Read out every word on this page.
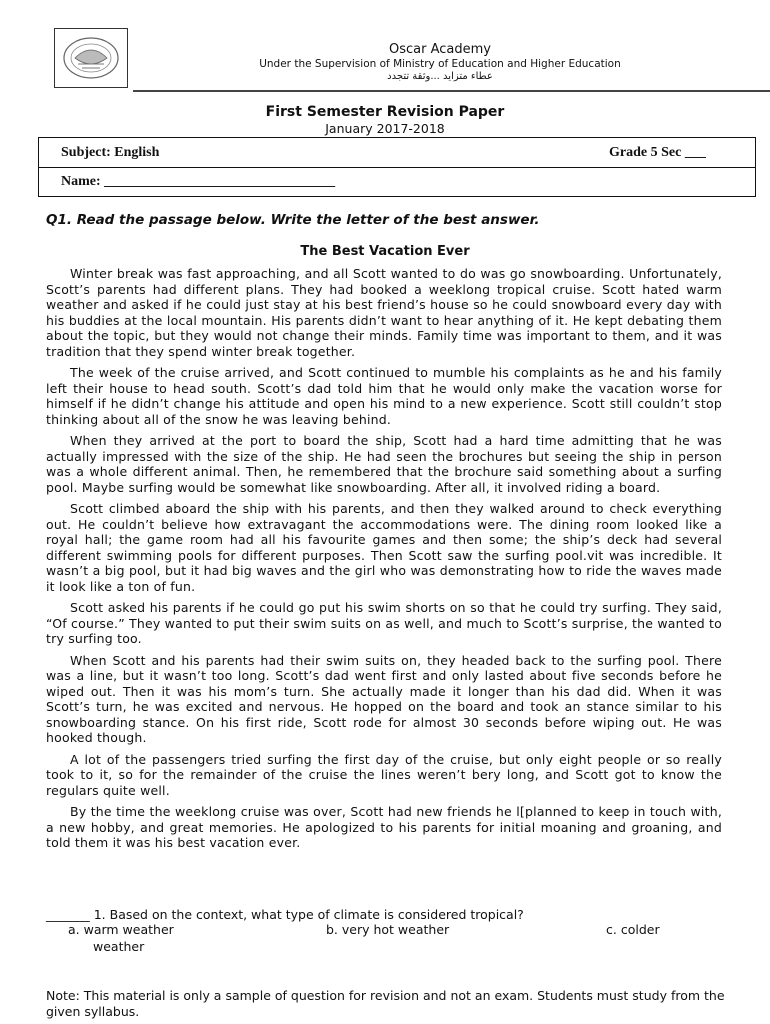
Oscar Academy
Under the Supervision of Ministry of Education and Higher Education
عطاء متزايد ...وثقة تتجدد
First Semester Revision Paper
January 2017-2018
Subject: English	Grade 5 Sec ___
Name: _________________________________
Q1. Read the passage below. Write the letter of the best answer.
The Best Vacation Ever

Winter break was fast approaching, and all Scott wanted to do was go snowboarding. Unfortunately, Scott’s parents had different plans. They had booked a weeklong tropical cruise. Scott hated warm weather and asked if he could just stay at his best friend’s house so he could snowboard every day with his buddies at the local mountain. His parents didn’t want to hear anything of it. He kept debating them about the topic, but they would not change their minds. Family time was important to them, and it was tradition that they spend winter break together.

The week of the cruise arrived, and Scott continued to mumble his complaints as he and his family left their house to head south. Scott’s dad told him that he would only make the vacation worse for himself if he didn’t change his attitude and open his mind to a new experience. Scott still couldn’t stop thinking about all of the snow he was leaving behind.

When they arrived at the port to board the ship, Scott had a hard time admitting that he was actually impressed with the size of the ship. He had seen the brochures but seeing the ship in person was a whole different animal. Then, he remembered that the brochure said something about a surfing pool. Maybe surfing would be somewhat like snowboarding. After all, it involved riding a board.

Scott climbed aboard the ship with his parents, and then they walked around to check everything out. He couldn’t believe how extravagant the accommodations were. The dining room looked like a royal hall; the game room had all his favourite games and then some; the ship’s deck had several different swimming pools for different purposes. Then Scott saw the surfing pool.vit was incredible. It wasn’t a big pool, but it had big waves and the girl who was demonstrating how to ride the waves made it look like a ton of fun.

Scott asked his parents if he could go put his swim shorts on so that he could try surfing. They said, “Of course.” They wanted to put their swim suits on as well, and much to Scott’s surprise, the wanted to try surfing too.

When Scott and his parents had their swim suits on, they headed back to the surfing pool. There was a line, but it wasn’t too long. Scott’s dad went first and only lasted about five seconds before he wiped out. Then it was his mom’s turn. She actually made it longer than his dad did. When it was Scott’s turn, he was excited and nervous. He hopped on the board and took an stance similar to his snowboarding stance. On his first ride, Scott rode for almost 30 seconds before wiping out. He was hooked though.

A lot of the passengers tried surfing the first day of the cruise, but only eight people or so really took to it, so for the remainder of the cruise the lines weren’t bery long, and Scott got to know the regulars quite well.

By the time the weeklong cruise was over, Scott had new friends he l[planned to keep in touch with, a new hobby, and great memories. He apologized to his parents for initial moaning and groaning, and told them it was his best vacation ever.

_______ 1. Based on the context, what type of climate is considered tropical?
a. warm weather	b. very hot weather	c. colder
weather
Note: This material is only a sample of question for revision and not an exam. Students must study from the given syllabus.
